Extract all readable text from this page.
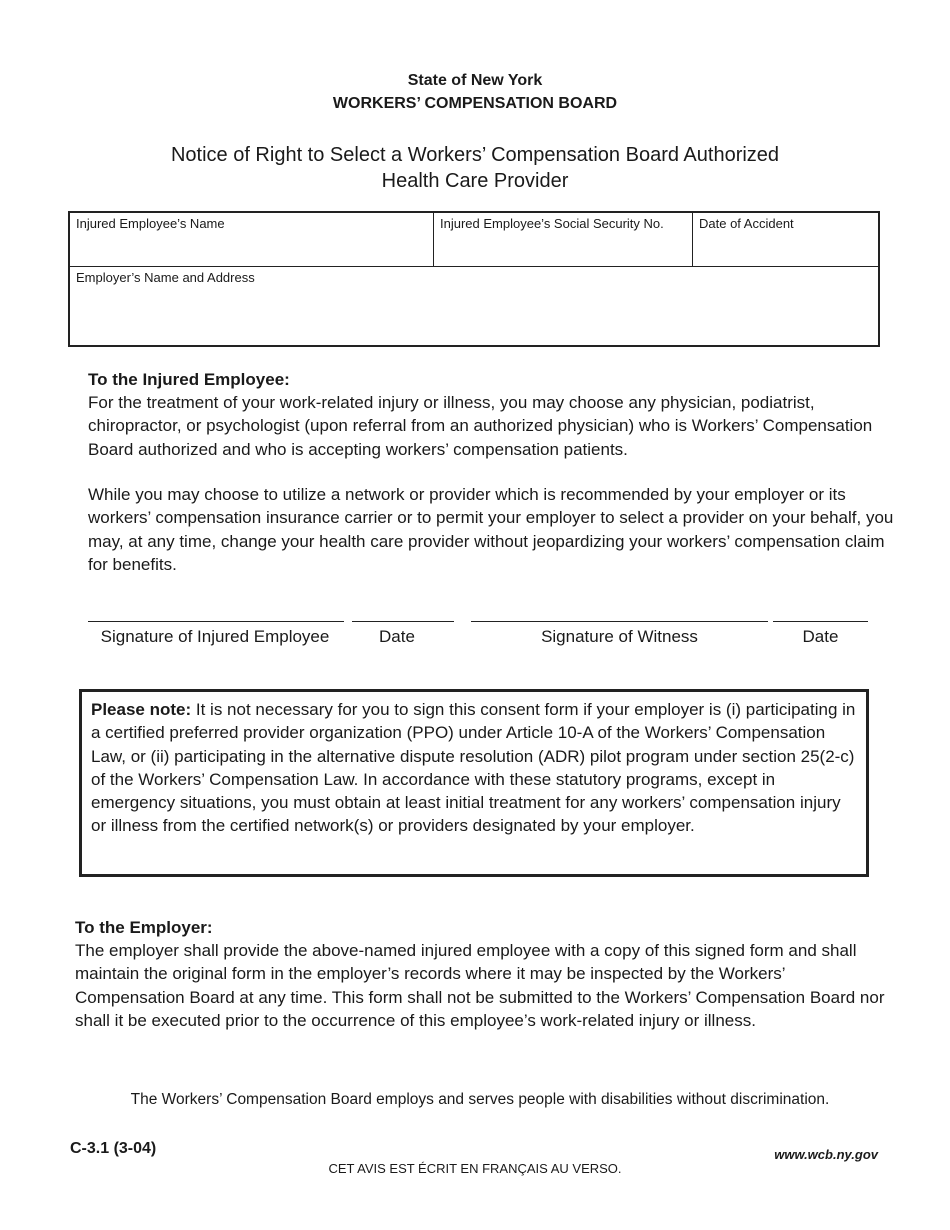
State of New York
WORKERS’ COMPENSATION BOARD
Notice of Right to Select a Workers’ Compensation Board Authorized
Health Care Provider
Injured Employee’s Name	Injured Employee’s Social Security No.	Date of Accident
Employer’s Name and Address
To the Injured Employee:
For the treatment of your work-related injury or illness, you may choose any physician, podiatrist, chiropractor, or psychologist (upon referral from an authorized physician) who is Workers’ Compensation Board authorized and who is accepting workers’ compensation patients.
While you may choose to utilize a network or provider which is recommended by your employer or its workers’ compensation insurance carrier or to permit your employer to select a provider on your behalf, you may, at any time, change your health care provider without jeopardizing your workers’ compensation claim for benefits.
Signature of Injured Employee	Date	Signature of Witness	Date
Please note: It is not necessary for you to sign this consent form if your employer is (i) participating in a certified preferred provider organization (PPO) under Article 10-A of the Workers’ Compensation Law, or (ii) participating in the alternative dispute resolution (ADR) pilot program under section 25(2-c) of the Workers’ Compensation Law. In accordance with these statutory programs, except in emergency situations, you must obtain at least initial treatment for any workers’ compensation injury or illness from the certified network(s) or providers designated by your employer.
To the Employer:
The employer shall provide the above-named injured employee with a copy of this signed form and shall maintain the original form in the employer’s records where it may be inspected by the Workers’ Compensation Board at any time. This form shall not be submitted to the Workers’ Compensation Board nor shall it be executed prior to the occurrence of this employee’s work-related injury or illness.
The Workers’ Compensation Board employs and serves people with disabilities without discrimination.
C-3.1 (3-04)	www.wcb.ny.gov
CET AVIS EST ÉCRIT EN FRANÇAIS AU VERSO.
